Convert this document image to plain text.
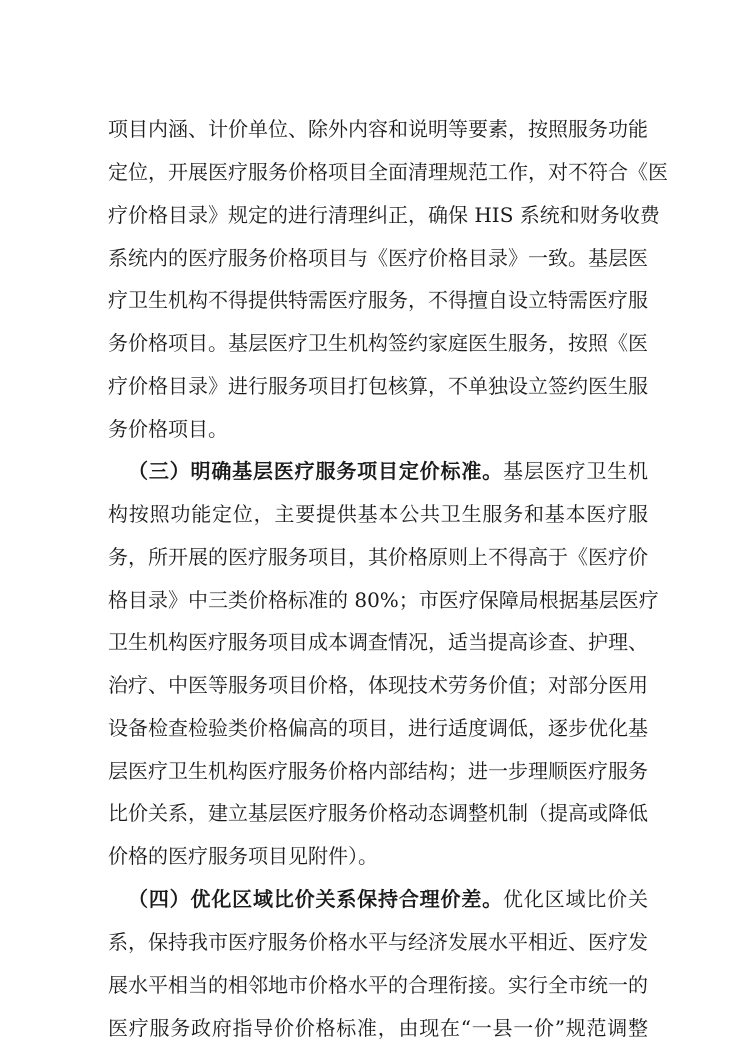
项目内涵、计价单位、除外内容和说明等要素，按照服务功能
定位，开展医疗服务价格项目全面清理规范工作，对不符合《医
疗价格目录》规定的进行清理纠正，确保 HIS 系统和财务收费
系统内的医疗服务价格项目与《医疗价格目录》一致。基层医
疗卫生机构不得提供特需医疗服务，不得擅自设立特需医疗服
务价格项目。基层医疗卫生机构签约家庭医生服务，按照《医
疗价格目录》进行服务项目打包核算，不单独设立签约医生服
务价格项目。
（三）明确基层医疗服务项目定价标准。基层医疗卫生机
构按照功能定位，主要提供基本公共卫生服务和基本医疗服
务，所开展的医疗服务项目，其价格原则上不得高于《医疗价
格目录》中三类价格标准的 80%；市医疗保障局根据基层医疗
卫生机构医疗服务项目成本调查情况，适当提高诊查、护理、
治疗、中医等服务项目价格，体现技术劳务价值；对部分医用
设备检查检验类价格偏高的项目，进行适度调低，逐步优化基
层医疗卫生机构医疗服务价格内部结构；进一步理顺医疗服务
比价关系，建立基层医疗服务价格动态调整机制（提高或降低
价格的医疗服务项目见附件）。
（四）优化区域比价关系保持合理价差。优化区域比价关
系，保持我市医疗服务价格水平与经济发展水平相近、医疗发
展水平相当的相邻地市价格水平的合理衔接。实行全市统一的
医疗服务政府指导价价格标准，由现在“一县一价”规范调整
